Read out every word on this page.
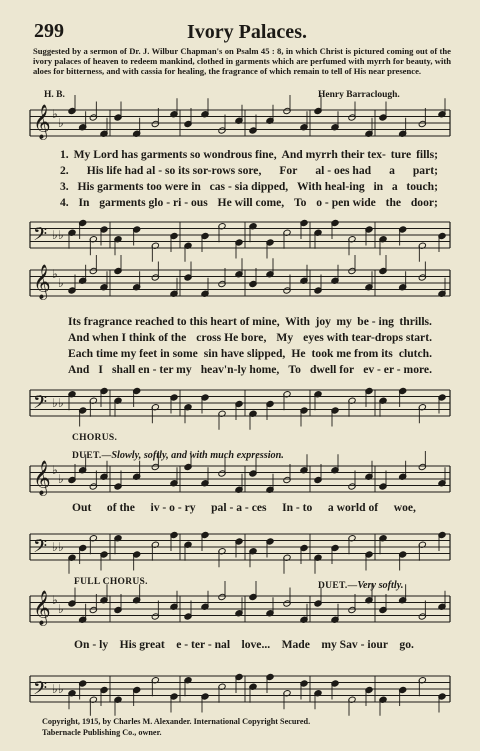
299	Ivory Palaces.
Suggested by a sermon of Dr. J. Wilbur Chapman's on Psalm 45 : 8, in which Christ is pictured coming out of the ivory palaces of heaven to redeem mankind, clothed in garments which are perfumed with myrrh for beauty, with aloes for bitterness, and with cassia for healing, the fragrance of which remain to tell of His near presence.
H. B.	Henry Barraclough.
𝄞 ♭
♭
1. My Lord has garments so wondrous fine, And myrrh their tex- ture fills;
2. His life had al - so its sor-rows sore, For al - oes had a part;
3. His garments too were in cas - sia dipped, With heal-ing in a touch;
4. In garments glo - ri - ous He will come, To o - pen wide the door;
𝄢 ♭ ♭
𝄞 ♭
♭
Its fragrance reached to this heart of mine, With joy my be - ing thrills.
And when I think of the cross He bore, My eyes with tear-drops start.
Each time my feet in some sin have slipped, He took me from its clutch.
And I shall en - ter my heav'n-ly home, To dwell for ev - er - more.
𝄢 ♭ ♭
CHORUS.
DUET.—Slowly, softly, and with much expression.
𝄞 ♭
♭
Out of the iv - o - ry pal - a - ces In - to a world of woe,
𝄢 ♭ ♭
FULL CHORUS.	DUET.—Very softly.
𝄞 ♭
♭
On - ly His great e - ter - nal love... Made my Sav - iour go.
𝄢 ♭ ♭
Copyright, 1915, by Charles M. Alexander. International Copyright Secured.
Tabernacle Publishing Co., owner.
